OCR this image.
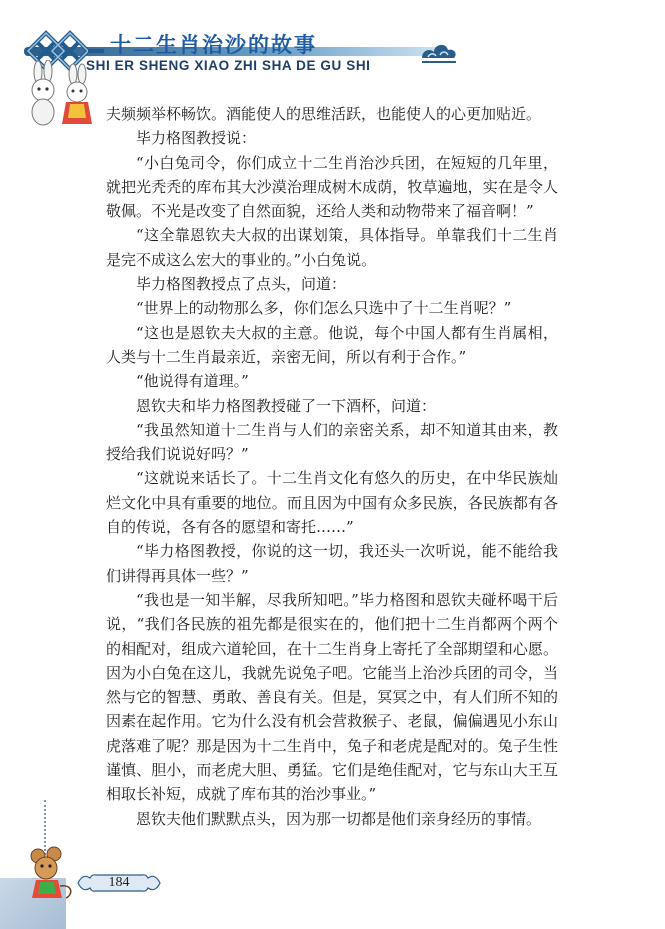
十二生肖治沙的故事
SHI ER SHENG XIAO ZHI SHA DE GU SHI

夫频频举杯畅饮。酒能使人的思维活跃，也能使人的心更加贴近。

毕力格图教授说：

“小白兔司令，你们成立十二生肖治沙兵团，在短短的几年里，就把光秃秃的库布其大沙漠治理成树木成荫，牧草遍地，实在是令人敬佩。不光是改变了自然面貌，还给人类和动物带来了福音啊！”

“这全靠恩钦夫大叔的出谋划策，具体指导。单靠我们十二生肖是完不成这么宏大的事业的。”小白兔说。

毕力格图教授点了点头，问道：

“世界上的动物那么多，你们怎么只选中了十二生肖呢？”

“这也是恩钦夫大叔的主意。他说，每个中国人都有生肖属相，人类与十二生肖最亲近，亲密无间，所以有利于合作。”

“他说得有道理。”

恩钦夫和毕力格图教授碰了一下酒杯，问道：

“我虽然知道十二生肖与人们的亲密关系，却不知道其由来，教授给我们说说好吗？”

“这就说来话长了。十二生肖文化有悠久的历史，在中华民族灿烂文化中具有重要的地位。而且因为中国有众多民族，各民族都有各自的传说，各有各的愿望和寄托……”

“毕力格图教授，你说的这一切，我还头一次听说，能不能给我们讲得再具体一些？”

“我也是一知半解，尽我所知吧。”毕力格图和恩钦夫碰杯喝干后说，“我们各民族的祖先都是很实在的，他们把十二生肖都两个两个的相配对，组成六道轮回，在十二生肖身上寄托了全部期望和心愿。因为小白兔在这儿，我就先说兔子吧。它能当上治沙兵团的司令，当然与它的智慧、勇敢、善良有关。但是，冥冥之中，有人们所不知的因素在起作用。它为什么没有机会营救猴子、老鼠，偏偏遇见小东山虎落难了呢？那是因为十二生肖中，兔子和老虎是配对的。兔子生性谨慎、胆小，而老虎大胆、勇猛。它们是绝佳配对，它与东山大王互相取长补短，成就了库布其的治沙事业。”

恩钦夫他们默默点头，因为那一切都是他们亲身经历的事情。

184
